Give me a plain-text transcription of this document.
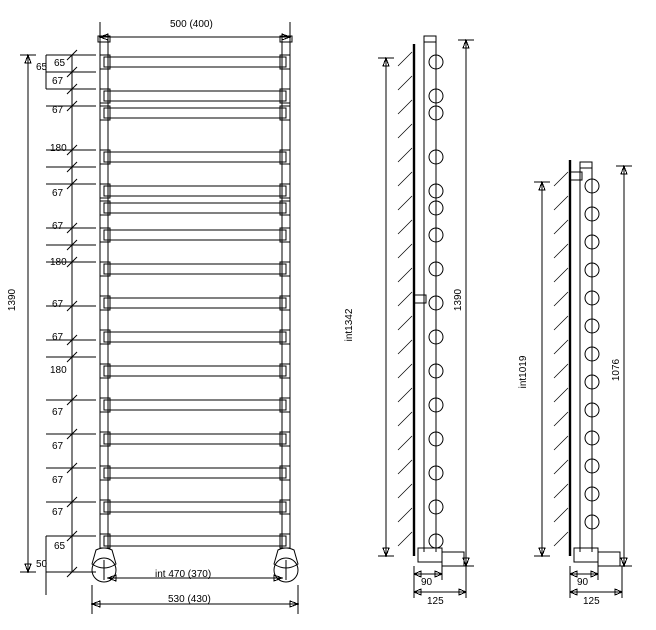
500 (400)
1390
65
50
65
67
67
180
67
67
180
67
67
180
67
67
67
67
65
int 470 (370)
530 (430)
int1342
1390
90
125
int1019	1076
90
125
